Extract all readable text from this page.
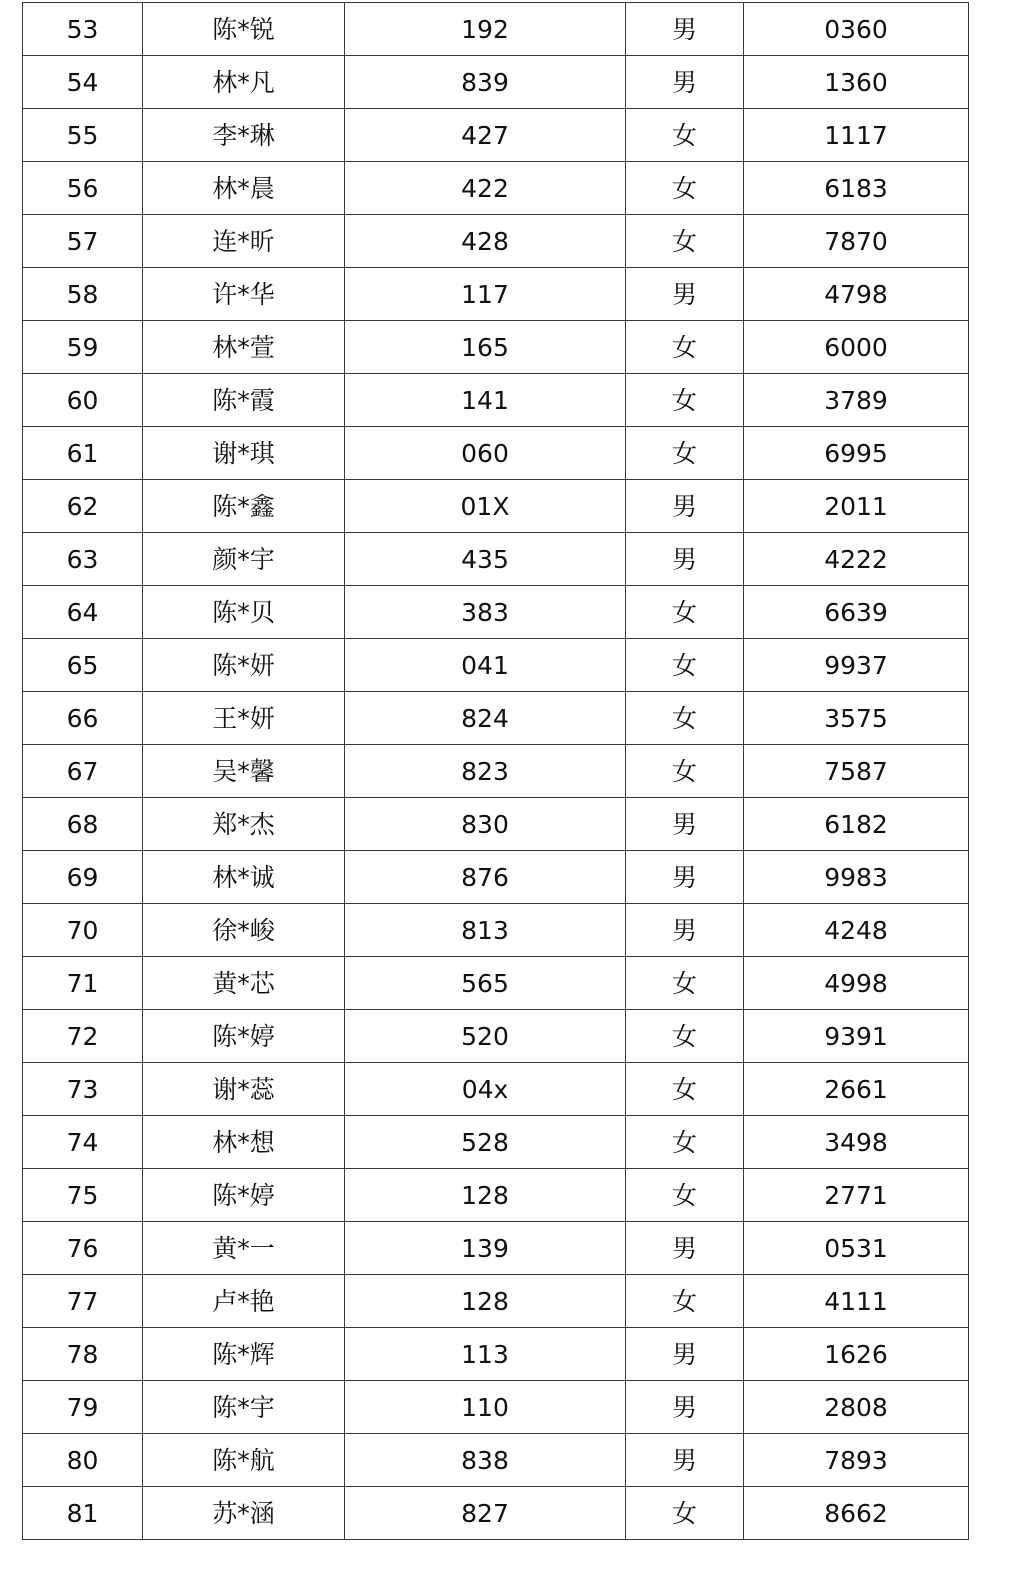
53	陈*锐	192	男	0360
54	林*凡	839	男	1360
55	李*琳	427	女	1117
56	林*晨	422	女	6183
57	连*昕	428	女	7870
58	许*华	117	男	4798
59	林*萱	165	女	6000
60	陈*霞	141	女	3789
61	谢*琪	060	女	6995
62	陈*鑫	01X	男	2011
63	颜*宇	435	男	4222
64	陈*贝	383	女	6639
65	陈*妍	041	女	9937
66	王*妍	824	女	3575
67	吴*馨	823	女	7587
68	郑*杰	830	男	6182
69	林*诚	876	男	9983
70	徐*峻	813	男	4248
71	黄*芯	565	女	4998
72	陈*婷	520	女	9391
73	谢*蕊	04x	女	2661
74	林*想	528	女	3498
75	陈*婷	128	女	2771
76	黄*一	139	男	0531
77	卢*艳	128	女	4111
78	陈*辉	113	男	1626
79	陈*宇	110	男	2808
80	陈*航	838	男	7893
81	苏*涵	827	女	8662
